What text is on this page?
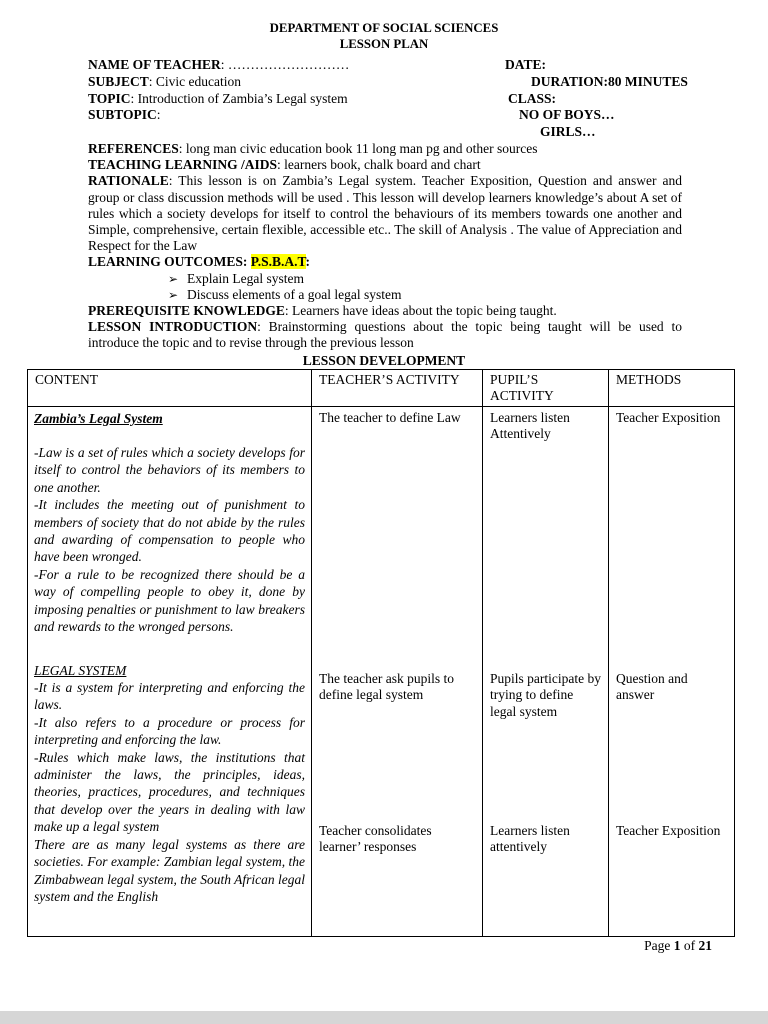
DEPARTMENT OF SOCIAL SCIENCES
LESSON PLAN
NAME OF TEACHER: ………………………	DATE:
SUBJECT: Civic education	DURATION:80 MINUTES
TOPIC: Introduction of Zambia’s Legal system	CLASS:
SUBTOPIC:	NO OF BOYS…
GIRLS…

REFERENCES: long man civic education book 11 long man pg and other sources

TEACHING LEARNING /AIDS: learners book, chalk board and chart

RATIONALE: This lesson is on Zambia’s Legal system. Teacher Exposition, Question and answer and group or class discussion methods will be used . This lesson will develop learners knowledge’s about A set of rules which a society develops for itself to control the behaviours of its members towards one another and Simple, comprehensive, certain flexible, accessible etc.. The skill of Analysis . The value of Appreciation and Respect for the Law

LEARNING OUTCOMES: P.S.B.A.T:

➢ Explain Legal system
➢ Discuss elements of a goal legal system

PREREQUISITE KNOWLEDGE: Learners have ideas about the topic being taught.

LESSON INTRODUCTION: Brainstorming questions about the topic being taught will be used to introduce the topic and to revise through the previous lesson

LESSON DEVELOPMENT
CONTENT	TEACHER’S ACTIVITY	PUPIL’S ACTIVITY	METHODS

Zambia’s Legal System

-Law is a set of rules which a society develops for itself to control the behaviors of its members to one another.

-It includes the meeting out of punishment to members of society that do not abide by the rules and awarding of compensation to people who have been wronged.

-For a rule to be recognized there should be a way of compelling people to obey it, done by imposing penalties or punishment to law breakers and rewards to the wronged persons.

LEGAL SYSTEM

-It is a system for interpreting and enforcing the laws.

-It also refers to a procedure or process for interpreting and enforcing the law.

-Rules which make laws, the institutions that administer the laws, the principles, ideas, theories, practices, procedures, and techniques that develop over the years in dealing with law make up a legal system

There are as many legal systems as there are societies. For example: Zambian legal system, the Zimbabwean legal system, the South African legal system and the English

	The teacher to define Law	Learners listen Attentively	Teacher Exposition
	The teacher ask pupils to define legal system	Pupils participate by trying to define legal system	Question and answer
	Teacher consolidates learner’ responses	Learners listen attentively	Teacher Exposition
Page 1 of 21
